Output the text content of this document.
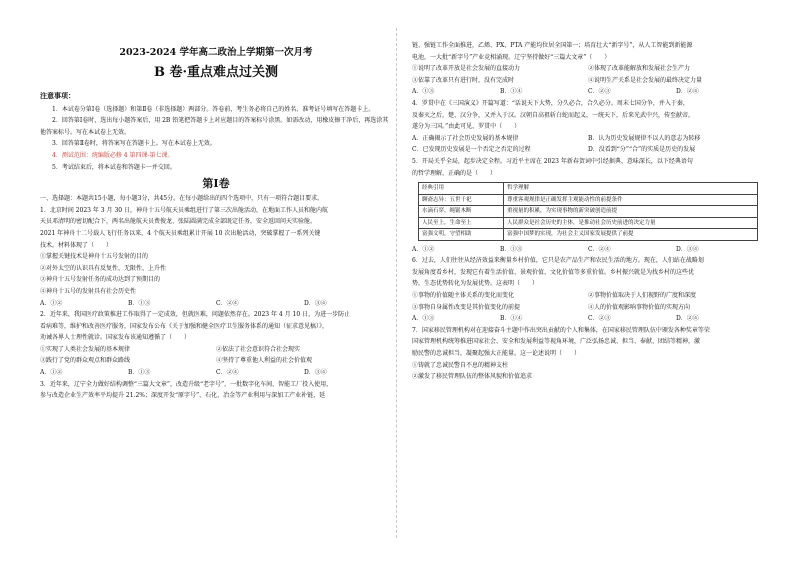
2023-2024 学年高二政治上学期第一次月考
B 卷·重点难点过关测
注意事项：

1．本试卷分第Ⅰ卷（选择题）和第Ⅱ卷（非选择题）两部分。答卷前，考生务必将自己的姓名、准考证号填写在答题卡上。

2．回答第Ⅰ卷时，选出每小题答案后，用 2B 铅笔把答题卡上对应题目的答案标号涂黑。如需改动，用橡皮擦干净后，再选涂其他答案标号。写在本试卷上无效。

3．回答第Ⅱ卷时，将答案写在答题卡上。写在本试卷上无效。

4．测试范围：统编版必修 4 第四课-第七课。

5．考试结束后，将本试卷和答题卡一并交回。

第Ⅰ卷
一、选择题：本题共15小题，每小题3分，共45分。在每小题给出的四个选项中，只有一项符合题目要求。
1．北京时间 2023 年 3 月 30 日，神舟十五号航天员乘组进行了第三次出舱活动，在地面工作人员和舱内航
天员邓清明的密切配合下，两名出舱航天员费俊龙、张陆圆满完成全部既定任务，安全返回问天实验舱。
2021 年神舟十二号载人飞行任务以来，4 个航天员乘组累计开展 10 次出舱活动，突破掌握了一系列关键
技术。材料体现了（　　）
①掌握关键技术是神舟十五号发射的目的
②对外太空的认识具有反复性、无限性、上升性
③神舟十五号发射任务的成功达到了预期目的
④神舟十五号的发射具有社会历史性
A．①②	B．①③	C．②④	D．③④
2．近年来，我国医疗政策推进工作取得了一定成效，但就医难，问题依然存在。2023 年 4 月 10 日，为进一步防止
看病难等，维护和改善医疗服务，国家发布公布《关于加强和健全医疗卫生服务体系的通知（征求意见稿）》，
劝诫各界人士理性就诊。国家发布该通知遵循了（　　）
①实现了人类社会发展的基本规律	②依法了社会意识符合社会现实
③践行了党的群众观点和群众路线	④坚持了尊重他人利益的社会价值观
A．①②	B．①③	C．②④	D．③④
3．近年来，辽宁全力做好结构调整“三篇大文章”，改造升级“老字号”，一批数字化车间、智能工厂投入使用，
参与改造企业生产效率平均提升 21.2%；深度开发“原字号”，石化、冶金等产业利用与深加工产业补链、延
链、强链工作全面推进，乙烯、PX、PTA 产能均位居全国第一；培育壮大“新字号”，从人工智能到新能源
电池，一大批“新字号”产业竞相涌现。辽宁坚持做好“三篇大文章”（　　）
①说明了改革开放是社会发展的直接动力	②体现了改革能解放和发展社会生产力
③依靠了改革只有进行时，没有完成时	④说明生产关系是社会发展的最终决定力量
A．①③	B．①④	C．②③	D．②④
4．罗贯中在《三国演义》开篇写道：“话说天下大势，分久必合，合久必分。周末七国分争，并入于秦，
及秦灭之后，楚、汉分争，又并入于汉。汉朝自高祖斩白蛇而起义，一统天下，后来光武中兴，传至献帝，
遂分为三国。”由此可见，罗贯中（　　）
A．正确揭示了社会历史发展的基本规律	B．认为历史发展规律不以人的意志为转移
C．已发现历史发展是一个否定之否定的过程	D．没看到“分”“合”的实质是历史的发展
5．开局关乎全局，起步决定全程。习近平主席在 2023 年新春贺词中引经据典、意味深长，以下经典语句
的哲学理解，正确的是（　　）
经典引用	哲学理解
聊斋志异：五世千祀	尊重客观规律是正确发挥主观能动性的前提条件
水滴石穿，绳锯木断	重视量的积累，为实现事物的新突破创造前提
人民至上，生命至上	人民群众是社会历史的主体，是推动社会历史前进的决定力量
富强文明，守望相助	富强中国梦的实现，为社会主义国家发展提供了前提
A．①②	B．①③	C．②④	D．③④
6．过去，人们往往从经济效益来衡量乡村价值，它只是农产品生产和农民生活的地方。现在，人们站在战略划
发展角度看乡村，发现它有着生活价值、景观价值、文化价值等多重价值。乡村振兴就是为找乡村的这些优
势，生态优势转化为发展优势。这表明（　　）
①事物的价值随主体关系的变化而变化	②事物价值取决于人们视野的广度和深度
③事物自身属性改变是其价值变化的前提	④人的价值观影响事物价值的实现方向
A．①③	B．①④	C．②③	D．②④
7．国家移民管理机构对在迎接奋斗主题中作出突出贡献的个人和集体，在国家移民管理队伍中颁发各种奖章等荣
国家管理机构统筹推进国家社会、安全和发展利益等视角环境，广泛弘扬忠诚、担当、奉献、团结等精神，激
励民警的忠诚担当，凝聚起强大正能量。这一论述说明（　　）
①铸就了忠诚民警自不息的精神支柱
②激发了移民管理队伍的整体风貌和价值追求
